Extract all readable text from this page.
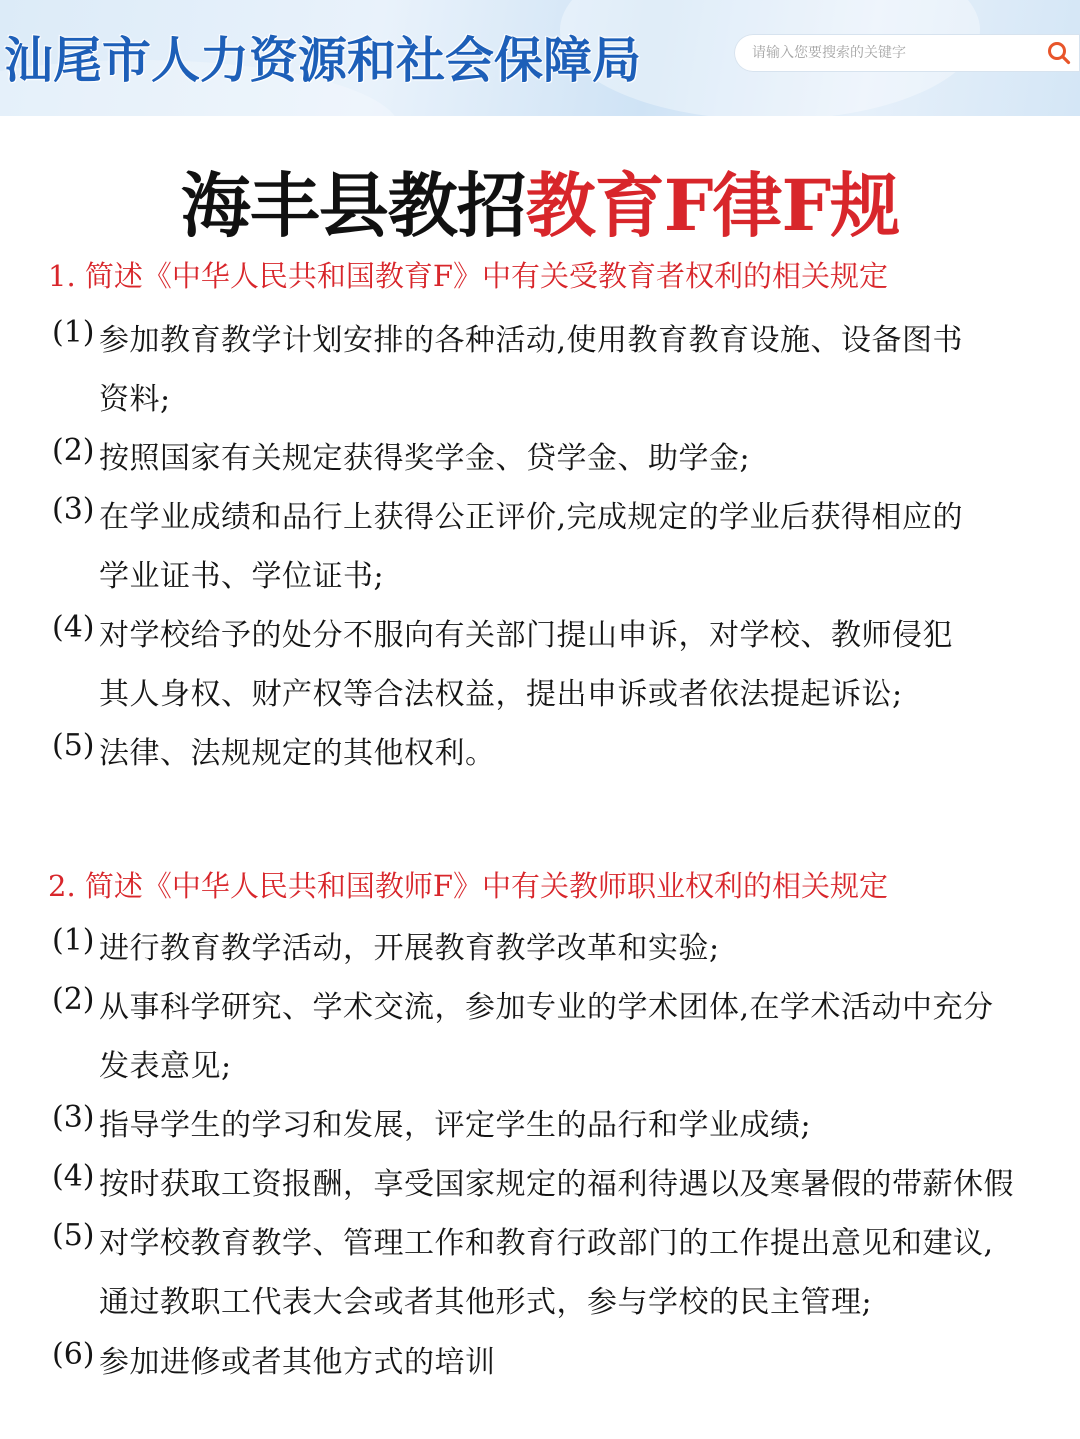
汕尾市人力资源和社会保障局
请输入您要搜索的关键字
海丰县教招教育F律F规
1. 简述《中华人民共和国教育F》中有关受教育者权利的相关规定
(1) 参加教育教学计划安排的各种活动,使用教育教育设施、设备图书
资料;
(2) 按照国家有关规定获得奖学金、贷学金、助学金;
(3) 在学业成绩和品行上获得公正评价,完成规定的学业后获得相应的
学业证书、学位证书;
(4) 对学校给予的处分不服向有关部门提山申诉，对学校、教师侵犯
其人身权、财产权等合法权益，提出申诉或者依法提起诉讼;
(5) 法律、法规规定的其他权利。
2. 简述《中华人民共和国教师F》中有关教师职业权利的相关规定
(1) 进行教育教学活动，开展教育教学改革和实验;
(2) 从事科学研究、学术交流，参加专业的学术团体,在学术活动中充分
发表意见;
(3) 指导学生的学习和发展，评定学生的品行和学业成绩;
(4) 按时获取工资报酬，享受国家规定的福利待遇以及寒暑假的带薪休假
(5) 对学校教育教学、管理工作和教育行政部门的工作提出意见和建议,
通过教职工代表大会或者其他形式，参与学校的民主管理;
(6) 参加进修或者其他方式的培训
